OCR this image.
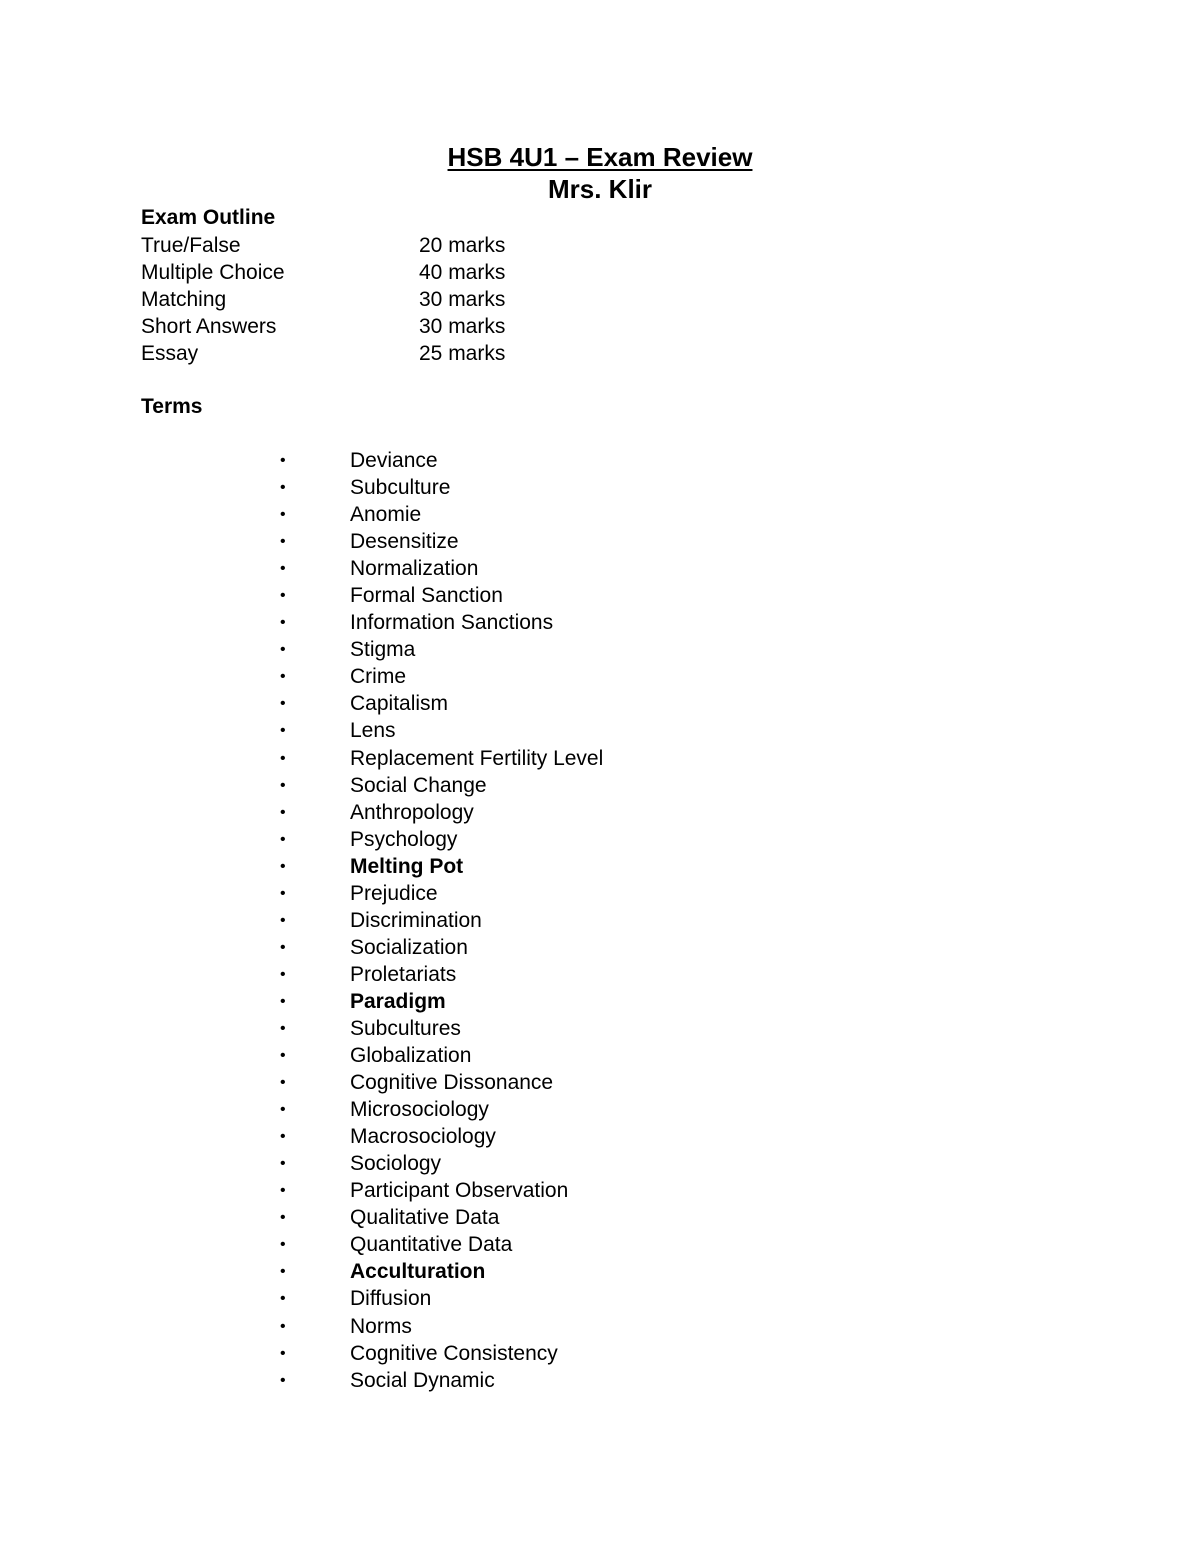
HSB 4U1 – Exam Review
Mrs. Klir
Exam Outline
True/False	20 marks
Multiple Choice	40 marks
Matching	30 marks
Short Answers	30 marks
Essay	25 marks
Terms
•	Deviance
•	Subculture
•	Anomie
•	Desensitize
•	Normalization
•	Formal Sanction
•	Information Sanctions
•	Stigma
•	Crime
•	Capitalism
•	Lens
•	Replacement Fertility Level
•	Social Change
•	Anthropology
•	Psychology
•	Melting Pot
•	Prejudice
•	Discrimination
•	Socialization
•	Proletariats
•	Paradigm
•	Subcultures
•	Globalization
•	Cognitive Dissonance
•	Microsociology
•	Macrosociology
•	Sociology
•	Participant Observation
•	Qualitative Data
•	Quantitative Data
•	Acculturation
•	Diffusion
•	Norms
•	Cognitive Consistency
•	Social Dynamic
